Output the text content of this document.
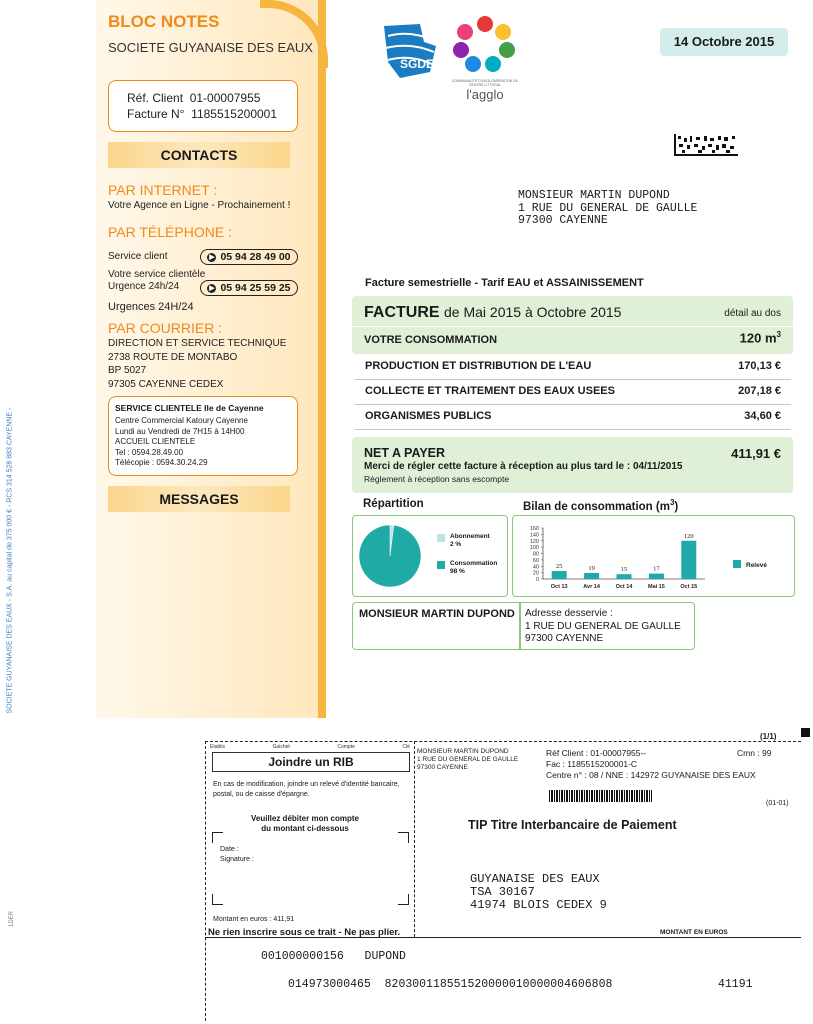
SOCIETE GUYANAISE DES EAUX - S.A. au capital de 375 000 € - RCS 314 528 883 CAYENNE -
1DER
BLOC NOTES
SOCIETE GUYANAISE DES EAUX
Réf. Client 01-00007955
Facture N° 1185515200001
CONTACTS
PAR INTERNET :
Votre Agence en Ligne - Prochainement !
PAR TÉLÉPHONE :
Service client	▶ 05 94 28 49 00
Votre service clientèle
Urgence 24h/24	▶ 05 94 25 59 25
Urgences 24H/24
PAR COURRIER :
DIRECTION ET SERVICE TECHNIQUE
2738 ROUTE DE MONTABO
BP 5027
97305 CAYENNE CEDEX
SERVICE CLIENTELE Ile de Cayenne
Centre Commercial Katoury Cayenne
Lundi au Vendredi de 7H15 à 14H00
ACCUEIL CLIENTELE
Tel : 0594.28.49.00
Télécopie : 0594.30.24.29
MESSAGES
SGDE
COMMUNAUTÉ D'AGGLOMÉRATION DU CENTRE LITTORAL
l'agglo
14 Octobre 2015
MONSIEUR MARTIN DUPOND
1 RUE DU GENERAL DE GAULLE
97300 CAYENNE
Facture semestrielle - Tarif EAU et ASSAINISSEMENT
FACTURE de Mai 2015 à Octobre 2015	détail au dos
VOTRE CONSOMMATION	120 $m^3$
PRODUCTION ET DISTRIBUTION DE L'EAU	170,13 €
COLLECTE ET TRAITEMENT DES EAUX USEES	207,18 €
ORGANISMES PUBLICS	34,60 €
NET A PAYER	411,91 €
Merci de régler cette facture à réception au plus tard le : 04/11/2015
Règlement à réception sans escompte
Répartition
Abonnement
2 %
Consommation
98 %
Bilan de consommation $(m^3)$
0
20
40
60
80
100
120
140
160
25
Oct 13
19
Avr 14
15
Oct 14
17
Mai 15
120
Oct 15
Relevé
MONSIEUR MARTIN DUPOND Adresse desservie :
1 RUE DU GENERAL DE GAULLE
97300 CAYENNE
(1/1)
Etablis	Guichet	Compte	Clé
Joindre un RIB
En cas de modification, joindre un relevé d'identité bancaire, postal, ou de caisse d'épargne.
Veuillez débiter mon compte
du montant ci-dessous
Date :
Signature :
Montant en euros : 411,91
Ne rien inscrire sous ce trait - Ne pas plier.	MONTANT EN EUROS
MONSIEUR MARTIN DUPOND
1 RUE DU GENERAL DE GAULLE
97300 CAYENNE
Réf Client : 01-00007955--
Fac : 1185515200001-C
Centre n° : 08 / NNE : 142972 GUYANAISE DES EAUX
Cmn : 99
(01-01)
TIP Titre Interbancaire de Paiement
GUYANAISE DES EAUX
TSA 30167
41974 BLOIS CEDEX 9
001000000156 DUPOND
014973000465 820300118551520000010000004606808	41191
